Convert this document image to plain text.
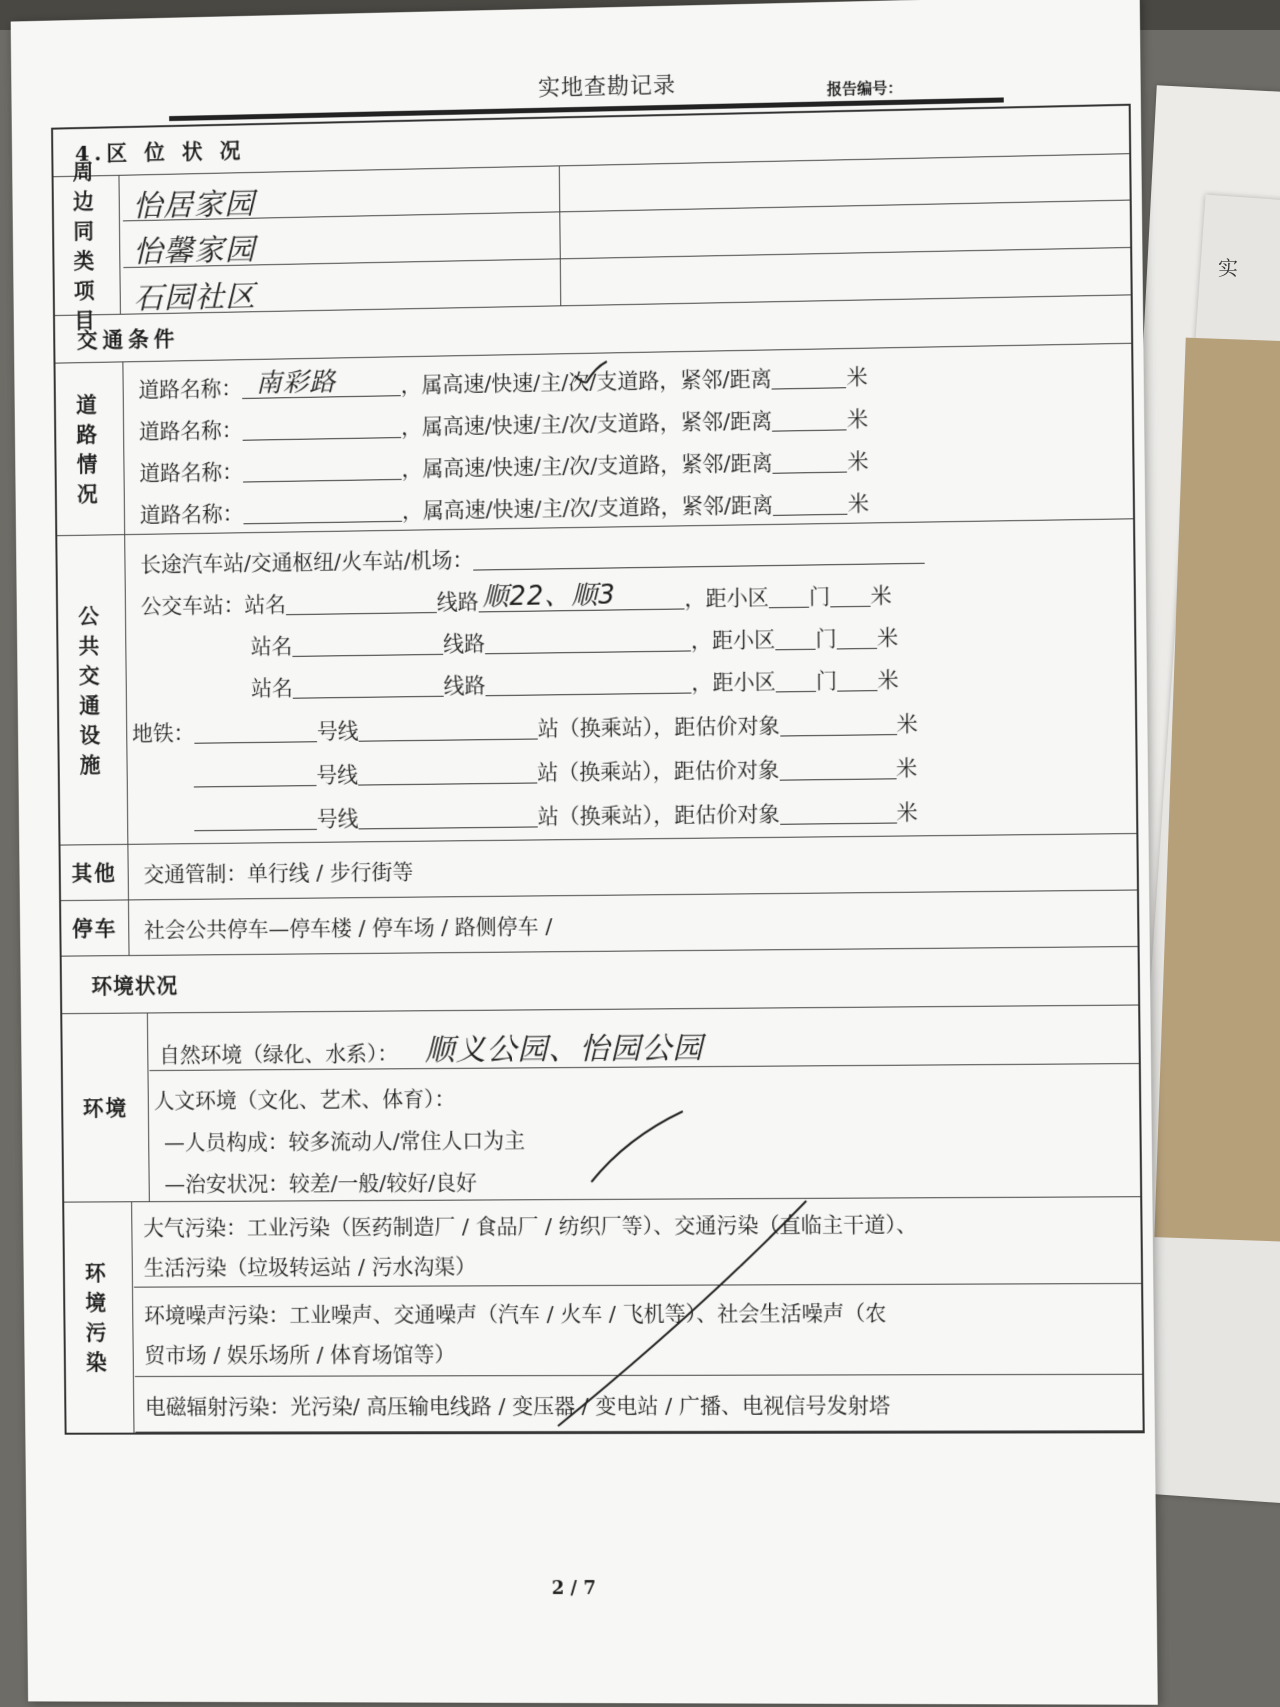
实
实地查勘记录	报告编号：
4.区 位 状 况
周边同类项目
怡居家园
怡馨家园
石园社区
交通条件
道路情况
道路名称： 南彩路	，属高速/快速/主/次/支道路，紧邻/距离	米
道路名称：	，属高速/快速/主/次/支道路，紧邻/距离	米
道路名称：	，属高速/快速/主/次/支道路，紧邻/距离	米
道路名称：	，属高速/快速/主/次/支道路，紧邻/距离	米
公共交通设施
长途汽车站/交通枢纽/火车站/机场：
公交车站：站名	线路 顺22、顺3	，距小区 门 米
站名	线路	，距小区 门 米
站名	线路	，距小区 门 米
地铁：	号线	站（换乘站），距估价对象	米
号线	站（换乘站），距估价对象	米
号线	站（换乘站），距估价对象	米
其他	交通管制：单行线 / 步行街等
停车	社会公共停车—停车楼 / 停车场 / 路侧停车 /
环境状况
环境
自然环境（绿化、水系）： 顺义公园、怡园公园
人文环境（文化、艺术、体育）：
—人员构成：较多流动人/常住人口为主
—治安状况：较差/一般/较好/良好
环境污染
大气污染：工业污染（医药制造厂 / 食品厂 / 纺织厂等）、交通污染（直临主干道）、
生活污染（垃圾转运站 / 污水沟渠）
环境噪声污染：工业噪声、交通噪声（汽车 / 火车 / 飞机等）、社会生活噪声（农
贸市场 / 娱乐场所 / 体育场馆等）
电磁辐射污染：光污染/ 高压输电线路 / 变压器 / 变电站 / 广播、电视信号发射塔
2 / 7
